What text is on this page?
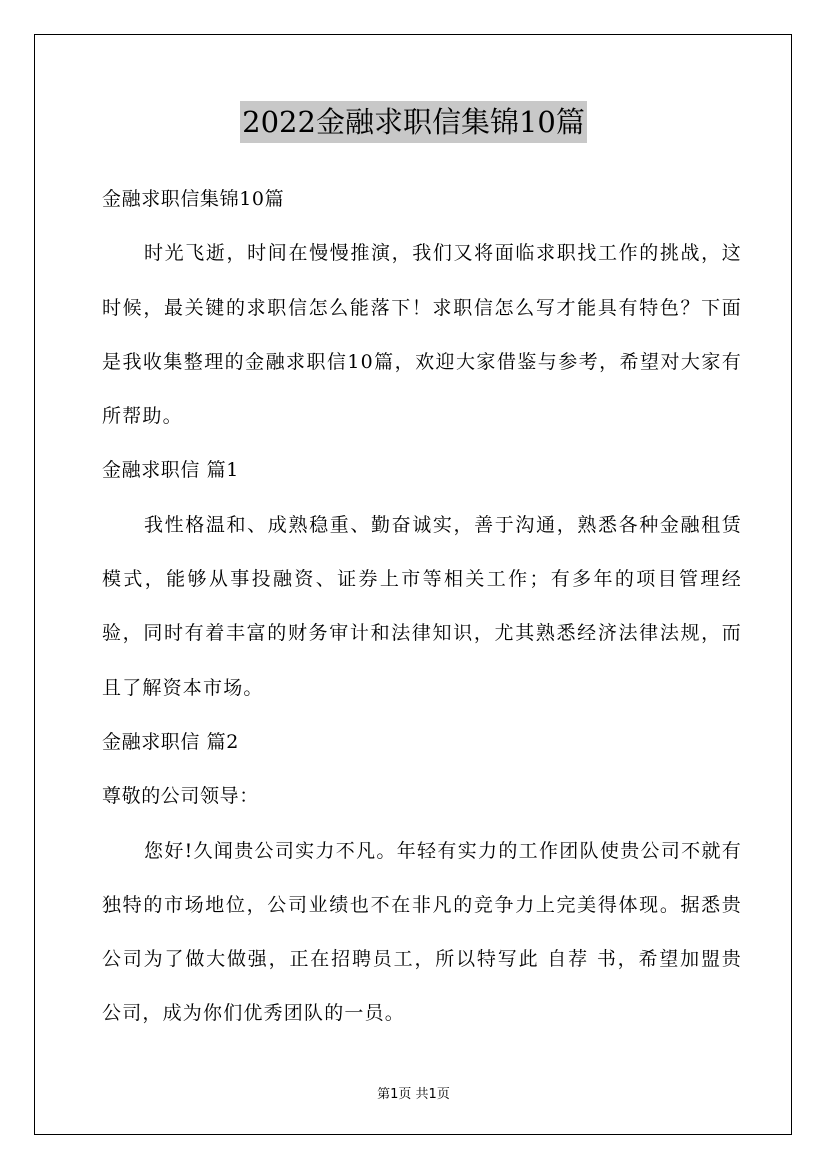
2022金融求职信集锦10篇
金融求职信集锦10篇
时光飞逝，时间在慢慢推演，我们又将面临求职找工作的挑战，这时候，最关键的求职信怎么能落下！求职信怎么写才能具有特色？下面是我收集整理的金融求职信10篇，欢迎大家借鉴与参考，希望对大家有所帮助。
金融求职信 篇1
我性格温和、成熟稳重、勤奋诚实，善于沟通，熟悉各种金融租赁模式，能够从事投融资、证券上市等相关工作；有多年的项目管理经验，同时有着丰富的财务审计和法律知识，尤其熟悉经济法律法规，而且了解资本市场。
金融求职信 篇2
尊敬的公司领导：
您好!久闻贵公司实力不凡。年轻有实力的工作团队使贵公司不就有独特的市场地位，公司业绩也不在非凡的竞争力上完美得体现。据悉贵公司为了做大做强，正在招聘员工，所以特写此 自荐 书，希望加盟贵公司，成为你们优秀团队的一员。
第1页 共1页
